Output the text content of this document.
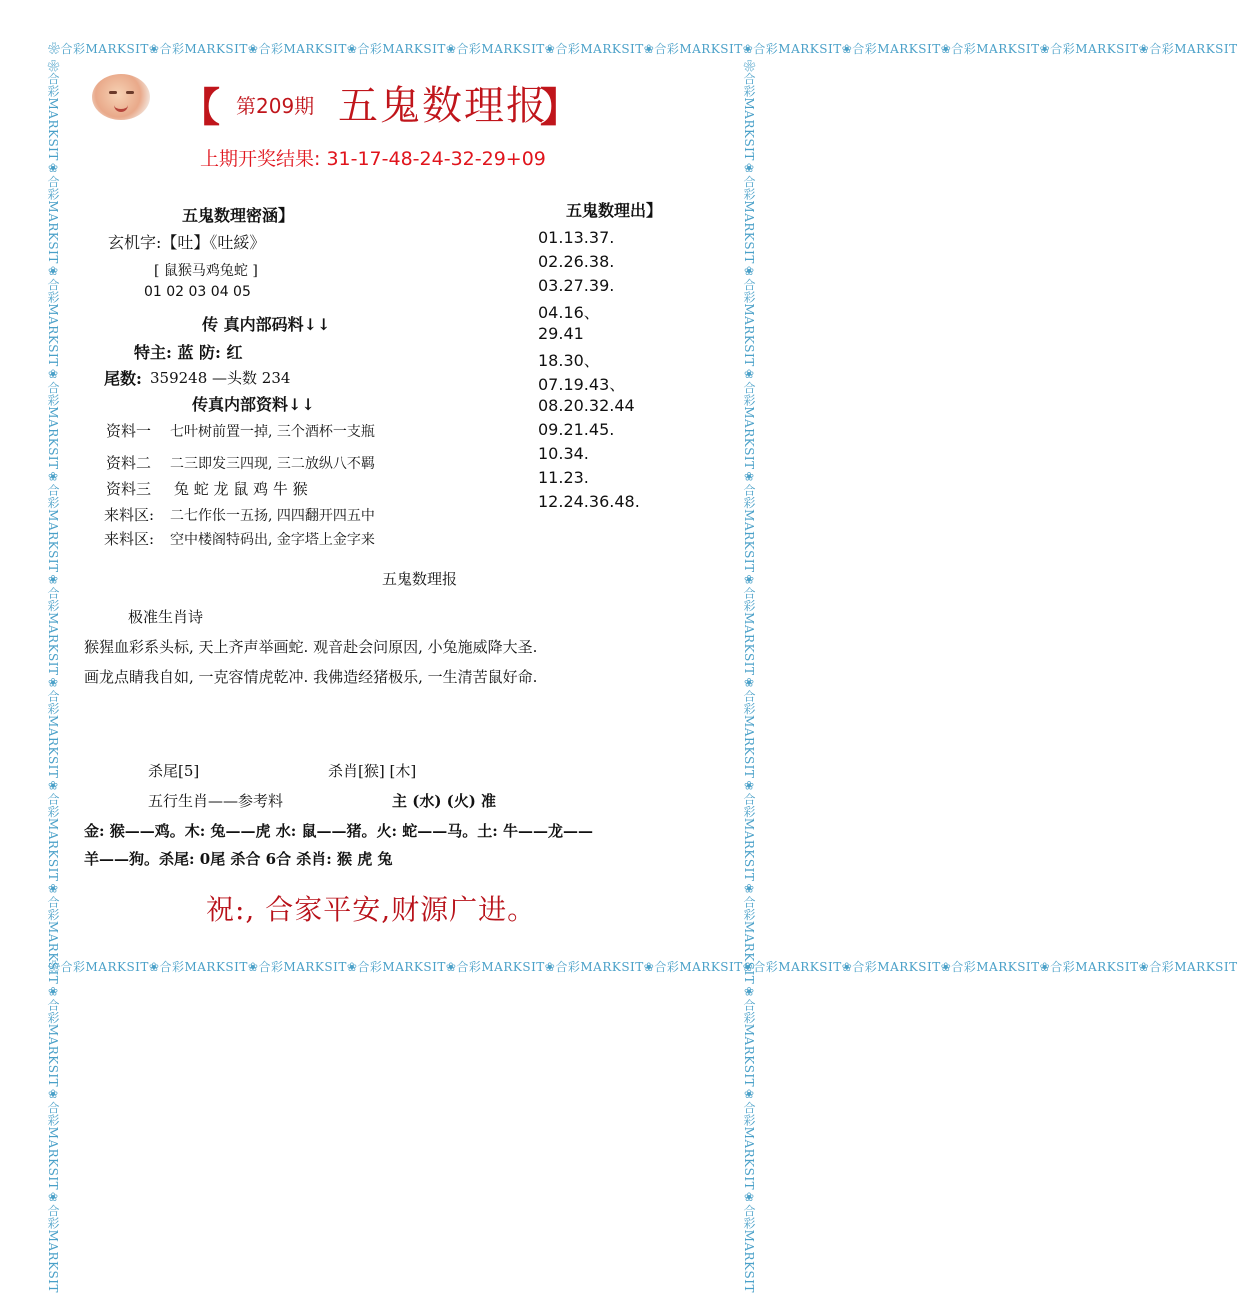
❀合彩MARKSIT❀合彩MARKSIT❀合彩MARKSIT❀合彩MARKSIT❀合彩MARKSIT❀合彩MARKSIT❀合彩MARKSIT❀合彩MARKSIT❀合彩MARKSIT❀合彩MARKSIT❀合彩MARKSIT❀合彩MARKSIT
❀合彩MARKSIT❀合彩MARKSIT❀合彩MARKSIT❀合彩MARKSIT❀合彩MARKSIT❀合彩MARKSIT❀合彩MARKSIT❀合彩MARKSIT❀合彩MARKSIT❀合彩MARKSIT❀合彩MARKSIT❀合彩MARKSIT
❀合彩MARKSIT❀合彩MARKSIT❀合彩MARKSIT❀合彩MARKSIT❀合彩MARKSIT❀合彩MARKSIT❀合彩MARKSIT❀合彩MARKSIT❀合彩MARKSIT❀合彩MARKSIT❀合彩MARKSIT❀合彩MARKSIT	❀合彩MARKSIT❀合彩MARKSIT❀合彩MARKSIT❀合彩MARKSIT❀合彩MARKSIT❀合彩MARKSIT❀合彩MARKSIT❀合彩MARKSIT❀合彩MARKSIT❀合彩MARKSIT❀合彩MARKSIT❀合彩MARKSIT
【 第209期 五鬼数理报
】
上期开奖结果: 31-17-48-24-32-29+09
五鬼数理密涵】
玄机字:【吐】《吐綏》
[ 鼠猴马鸡兔蛇 ]
01 02 03 04 05
传 真内部码料↓↓
特主: 蓝 防: 红
尾数: 359248 —头数 234
传真内部资料↓↓
资料一 七叶树前置一掉, 三个酒杯一支瓶
资料二 二三即发三四现, 三二放纵八不羁
资料三 兔 蛇 龙 鼠 鸡 牛 猴
来料区: 二七作伥一五扬, 四四翻开四五中
来料区: 空中楼阁特码出, 金字塔上金字来
五鬼数理出】
01.13.37.
02.26.38.
03.27.39.
04.16、
29.41
18.30、
07.19.43、
08.20.32.44
09.21.45.
10.34.
11.23.
12.24.36.48.
五鬼数理报
极准生肖诗
猴猩血彩系头标, 天上齐声举画蛇. 观音赴会问原因, 小兔施威降大圣.
画龙点睛我自如, 一克容情虎乾冲. 我佛造经猪极乐, 一生清苦鼠好命.
杀尾[5]	杀肖[猴] [木]
五行生肖——参考料	主 (水) (火) 准
金: 猴——鸡。木: 兔——虎 水: 鼠——猪。火: 蛇——马。土: 牛——龙——
羊——狗。杀尾: 0尾 杀合 6合 杀肖: 猴 虎 兔
祝:, 合家平安,财源广进。
